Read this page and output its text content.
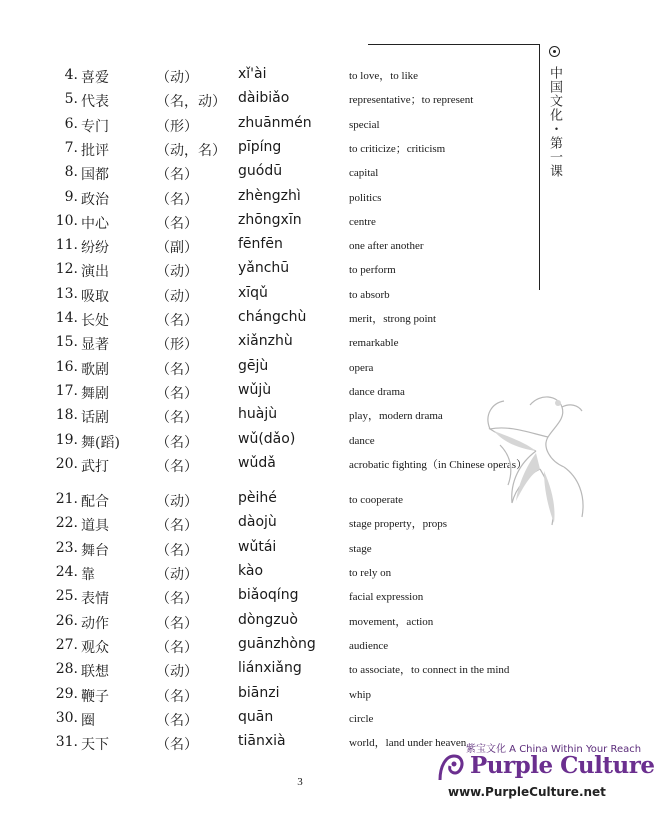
中国文化・第一课
4. 喜爱	（动）	xǐ'ài	to love，to like
5. 代表	（名，动） dàibiǎo	representative；to represent
6. 专门	（形）	zhuānmén	special
7. 批评	（动，名） pīpíng	to criticize；criticism
8. 国都	（名）	guódū	capital
9. 政治	（名）	zhèngzhì	politics
10. 中心	（名）	zhōngxīn	centre
11. 纷纷	（副）	fēnfēn	one after another
12. 演出	（动）	yǎnchū	to perform
13. 吸取	（动）	xīqǔ	to absorb
14. 长处	（名）	chángchù	merit，strong point
15. 显著	（形）	xiǎnzhù	remarkable
16. 歌剧	（名）	gējù	opera
17. 舞剧	（名）	wǔjù	dance drama
18. 话剧	（名）	huàjù	play，modern drama
19. 舞(蹈)	（名）	wǔ(dǎo)	dance
20. 武打	（名）	wǔdǎ	acrobatic fighting（in Chinese operas）
21. 配合	（动）	pèihé	to cooperate
22. 道具	（名）	dàojù	stage property，props
23. 舞台	（名）	wǔtái	stage
24. 靠	（动）	kào	to rely on
25. 表情	（名）	biǎoqíng	facial expression
26. 动作	（名）	dòngzuò	movement，action
27. 观众	（名）	guānzhòng	audience
28. 联想	（动）	liánxiǎng	to associate，to connect in the mind
29. 鞭子	（名）	biānzi	whip
30. 圈	（名）	quān	circle
31. 天下	（名）	tiānxià	world，land under heaven
3
紫宝文化 A China Within Your Reach
Purple Culture
www.PurpleCulture.net
